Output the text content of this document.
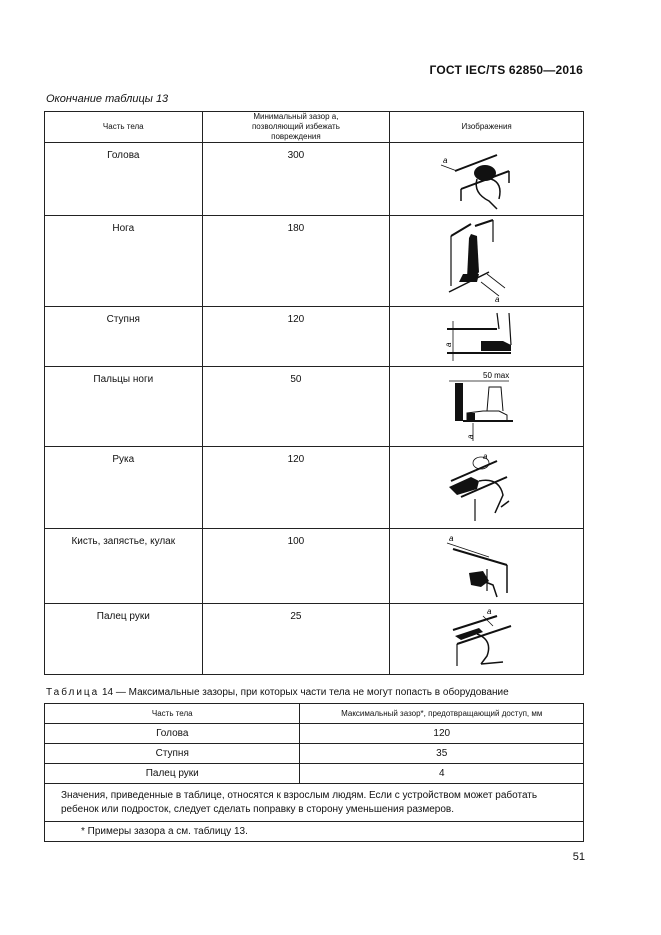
ГОСТ IEC/TS 62850—2016
Окончание таблицы 13
Часть тела	Минимальный зазор а, позволяющий избежать повреждения	Изображения
Голова	300	a

Нога	180	a

Ступня	120	a

Пальцы ноги	50	50 max
a

Рука	120	a

Кисть, запястье, кулак	100	a

Палец руки	25	a
Таблица 14 — Максимальные зазоры, при которых части тела не могут попасть в оборудование
Часть тела	Максимальный зазор*, предотвращающий доступ, мм
Голова	120
Ступня	35
Палец руки	4
Значения, приведенные в таблице, относятся к взрослым людям. Если с устройством может работать ребенок или подросток, следует сделать поправку в сторону уменьшения размеров.	
* Примеры зазора а см. таблицу 13.	
51
